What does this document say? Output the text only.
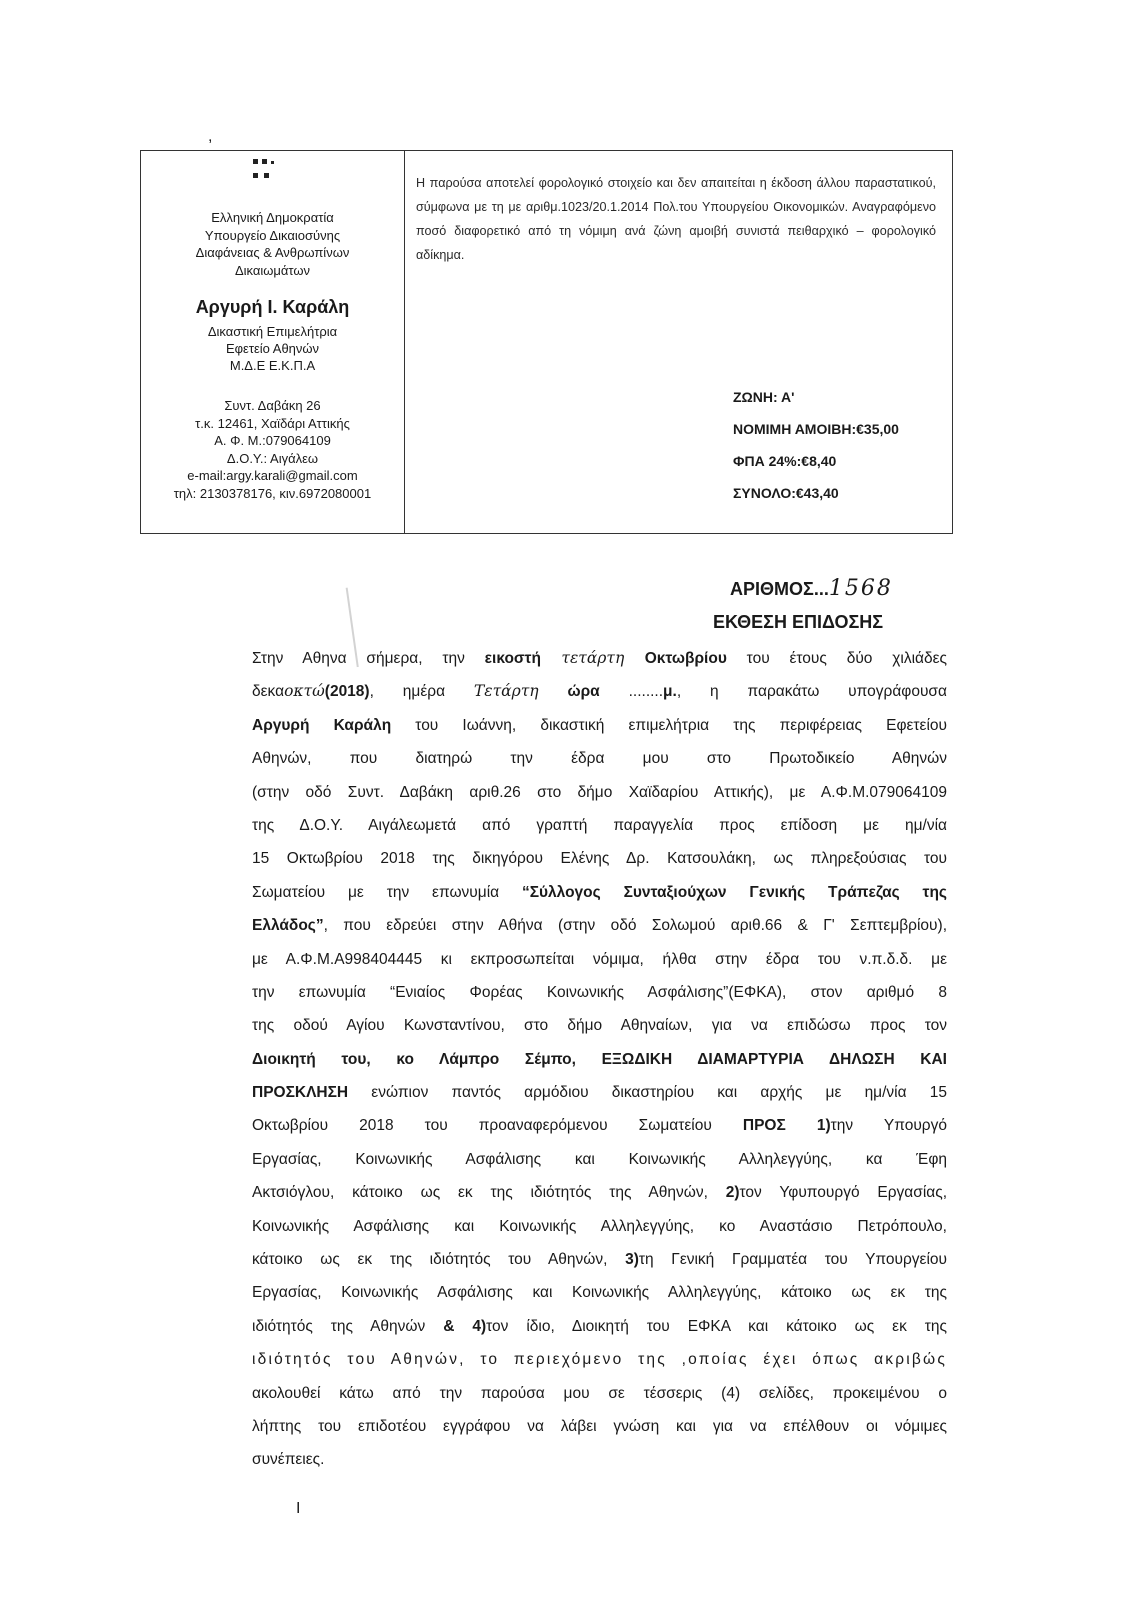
,
Ελληνική Δημοκρατία
Υπουργείο Δικαιοσύνης
Διαφάνειας & Ανθρωπίνων
Δικαιωμάτων
Αργυρή Ι. Καράλη
Δικαστική Επιμελήτρια
Εφετείο Αθηνών
Μ.Δ.Ε Ε.Κ.Π.Α
Συντ. Δαβάκη 26
τ.κ. 12461, Χαϊδάρι Αττικής
Α. Φ. Μ.:079064109
Δ.Ο.Υ.: Αιγάλεω
e-mail:argy.karali@gmail.com
τηλ: 2130378176, κιν.6972080001
Η παρούσα αποτελεί φορολογικό στοιχείο και δεν απαιτείται η έκδοση άλλου παραστατικού, σύμφωνα με τη με αριθμ.1023/20.1.2014 Πολ.του Υπουργείου Οικονομικών. Αναγραφόμενο ποσό διαφορετικό από τη νόμιμη ανά ζώνη αμοιβή συνιστά πειθαρχικό – φορολογικό αδίκημα.
ΖΩΝΗ: Α'
ΝΟΜΙΜΗ ΑΜΟΙΒΗ:€35,00
ΦΠΑ 24%:€8,40
ΣΥΝΟΛΟ:€43,40
ΑΡΙΘΜΟΣ...1568
ΕΚΘΕΣΗ ΕΠΙΔΟΣΗΣ
Στην Αθηνα σήμερα, την εικοστή τετάρτη Οκτωβρίου του έτους δύο χιλιάδες
δεκαοκτώ(2018), ημέρα Τετάρτη ώρα ........μ., η παρακάτω υπογράφουσα
Αργυρή Καράλη του Ιωάννη, δικαστική επιμελήτρια της περιφέρειας Εφετείου
Αθηνών, που διατηρώ την έδρα μου στο Πρωτοδικείο Αθηνών
(στην οδό Συντ. Δαβάκη αριθ.26 στο δήμο Χαϊδαρίου Αττικής), με Α.Φ.Μ.079064109
της Δ.Ο.Υ. Αιγάλεωμετά από γραπτή παραγγελία προς επίδοση με ημ/νία
15 Οκτωβρίου 2018 της δικηγόρου Ελένης Δρ. Κατσουλάκη, ως πληρεξούσιας του
Σωματείου με την επωνυμία “Σύλλογος Συνταξιούχων Γενικής Τράπεζας της
Ελλάδος”, που εδρεύει στην Αθήνα (στην οδό Σολωμού αριθ.66 & Γ' Σεπτεμβρίου),
με Α.Φ.Μ.Α998404445 κι εκπροσωπείται νόμιμα, ήλθα στην έδρα του ν.π.δ.δ. με
την επωνυμία “Ενιαίος Φορέας Κοινωνικής Ασφάλισης”(ΕΦΚΑ), στον αριθμό 8
της οδού Αγίου Κωνσταντίνου, στο δήμο Αθηναίων, για να επιδώσω προς τον
Διοικητή του, κο Λάμπρο Σέμπο, ΕΞΩΔΙΚΗ ΔΙΑΜΑΡΤΥΡΙΑ ΔΗΛΩΣΗ ΚΑΙ
ΠΡΟΣΚΛΗΣΗ ενώπιον παντός αρμόδιου δικαστηρίου και αρχής με ημ/νία 15
Οκτωβρίου 2018 του προαναφερόμενου Σωματείου ΠΡΟΣ 1)την Υπουργό
Εργασίας, Κοινωνικής Ασφάλισης και Κοινωνικής Αλληλεγγύης, κα Έφη
Ακτσιόγλου, κάτοικο ως εκ της ιδιότητός της Αθηνών, 2)τον Υφυπουργό Εργασίας,
Κοινωνικής Ασφάλισης και Κοινωνικής Αλληλεγγύης, κο Αναστάσιο Πετρόπουλο,
κάτοικο ως εκ της ιδιότητός του Αθηνών, 3)τη Γενική Γραμματέα του Υπουργείου
Εργασίας, Κοινωνικής Ασφάλισης και Κοινωνικής Αλληλεγγύης, κάτοικο ως εκ της
ιδιότητός της Αθηνών & 4)τον ίδιο, Διοικητή του ΕΦΚΑ και κάτοικο ως εκ της
ιδιότητός του Αθηνών, το περιεχόμενο της ,οποίας έχει όπως ακριβώς
ακολουθεί κάτω από την παρούσα μου σε τέσσερις (4) σελίδες, προκειμένου ο
λήπτης του επιδοτέου εγγράφου να λάβει γνώση και για να επέλθουν οι νόμιμες
συνέπειες.
I
